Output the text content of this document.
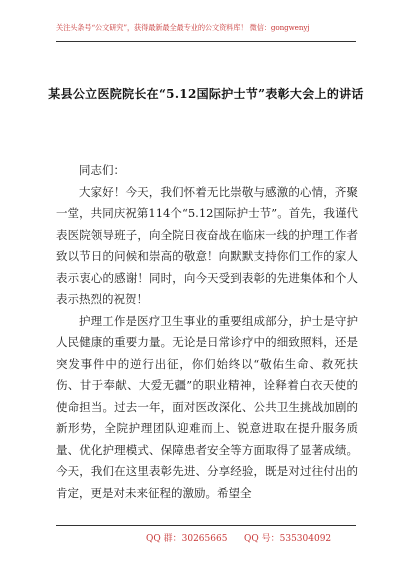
关注头条号“公文研究”，获得最新最全最专业的公文资料库！ 微信：gongwenyj
某县公立医院院长在“5.12国际护士节”表彰大会上的讲话

同志们：

大家好！今天，我们怀着无比崇敬与感激的心情，齐聚一堂，共同庆祝第114个“5.12国际护士节”。首先，我谨代表医院领导班子，向全院日夜奋战在临床一线的护理工作者致以节日的问候和崇高的敬意！向默默支持你们工作的家人表示衷心的感谢！同时，向今天受到表彰的先进集体和个人表示热烈的祝贺！

护理工作是医疗卫生事业的重要组成部分，护士是守护人民健康的重要力量。无论是日常诊疗中的细致照料，还是突发事件中的逆行出征，你们始终以“敬佑生命、救死扶伤、甘于奉献、大爱无疆”的职业精神，诠释着白衣天使的使命担当。过去一年，面对医改深化、公共卫生挑战加剧的新形势，全院护理团队迎难而上、锐意进取在提升服务质量、优化护理模式、保障患者安全等方面取得了显著成绩。今天，我们在这里表彰先进、分享经验，既是对过往付出的肯定，更是对未来征程的激励。希望全

QQ 群：30265665 QQ 号：535304092
